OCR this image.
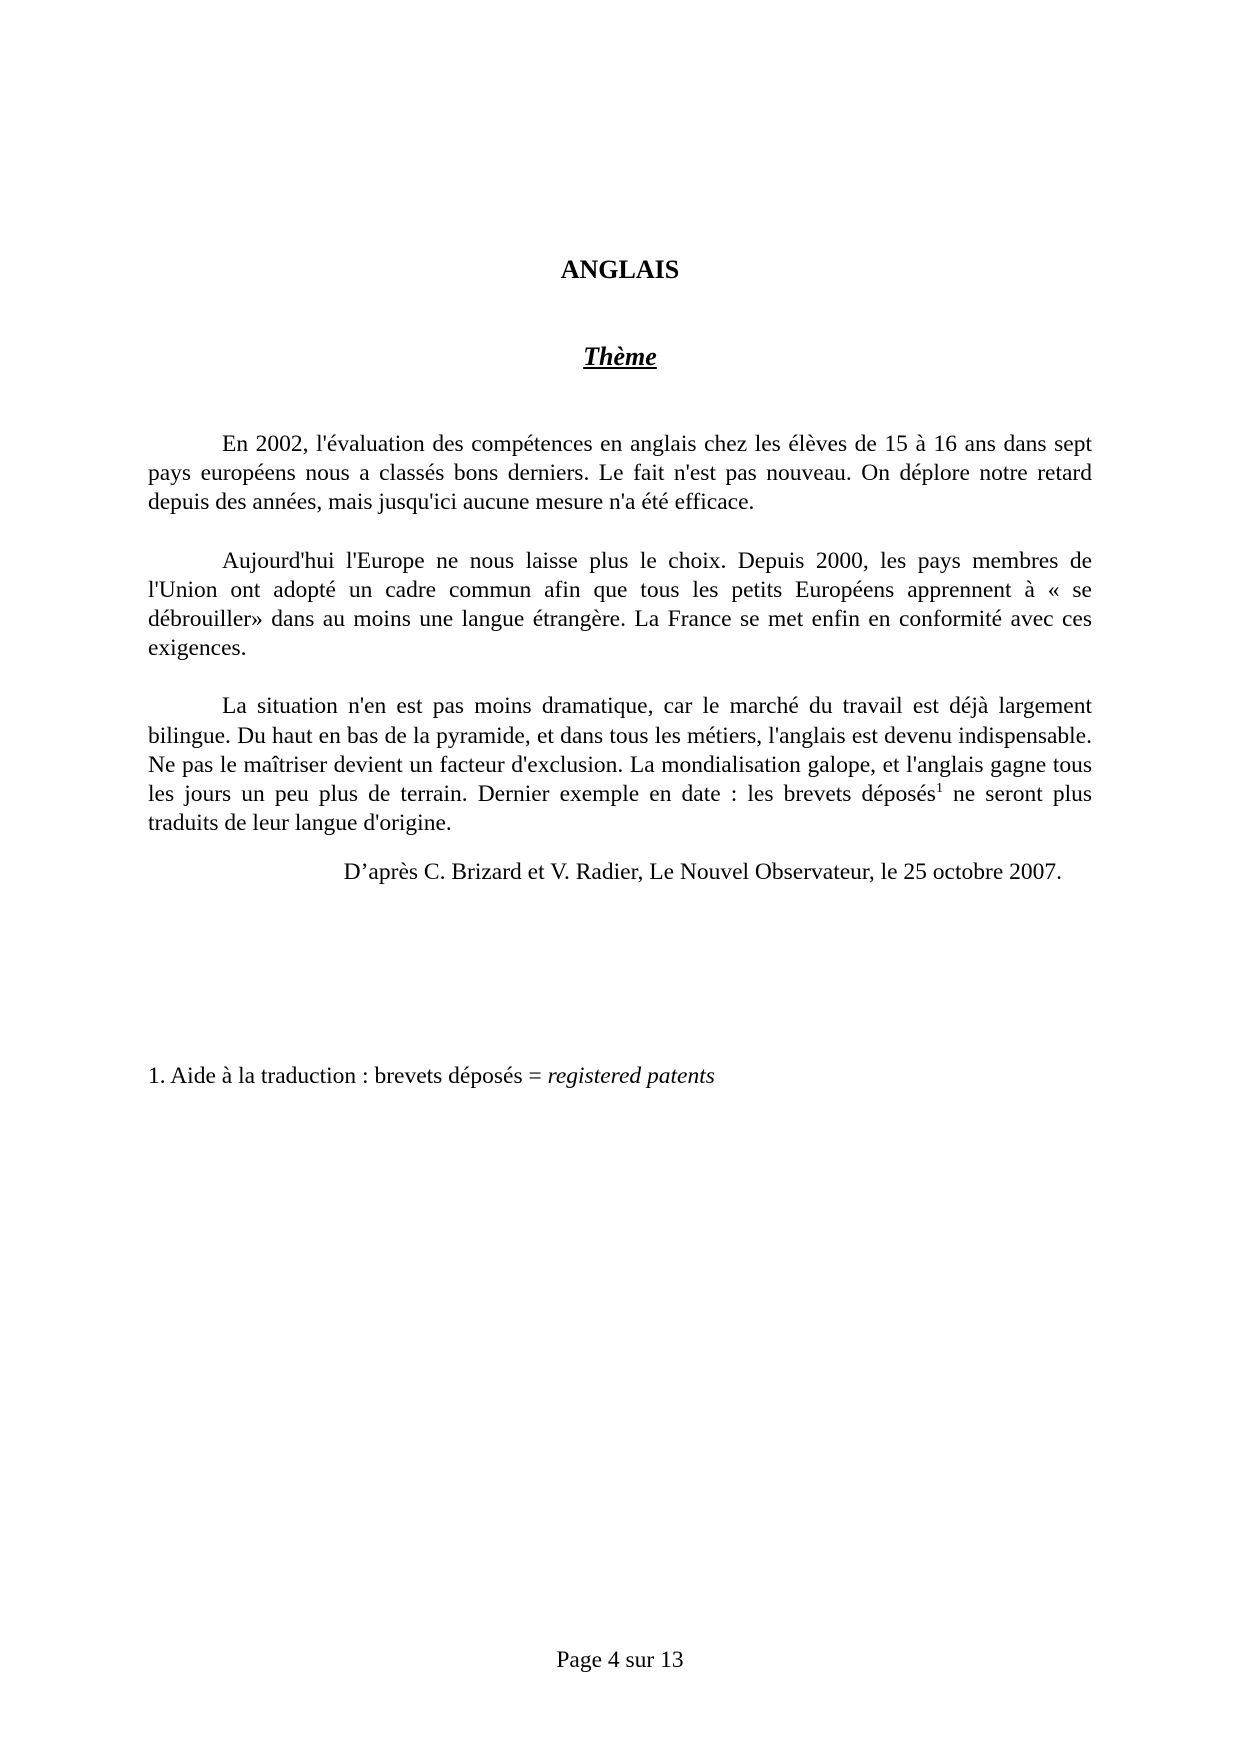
ANGLAIS
Thème

En 2002, l'évaluation des compétences en anglais chez les élèves de 15 à 16 ans dans sept pays européens nous a classés bons derniers. Le fait n'est pas nouveau. On déplore notre retard depuis des années, mais jusqu'ici aucune mesure n'a été efficace.

Aujourd'hui l'Europe ne nous laisse plus le choix. Depuis 2000, les pays membres de l'Union ont adopté un cadre commun afin que tous les petits Européens apprennent à « se débrouiller» dans au moins une langue étrangère. La France se met enfin en conformité avec ces exigences.

La situation n'en est pas moins dramatique, car le marché du travail est déjà largement bilingue. Du haut en bas de la pyramide, et dans tous les métiers, l'anglais est devenu indispensable. Ne pas le maîtriser devient un facteur d'exclusion. La mondialisation galope, et l'anglais gagne tous les jours un peu plus de terrain. Dernier exemple en date : les brevets déposés$^1$ ne seront plus traduits de leur langue d'origine.

D’après C. Brizard et V. Radier, Le Nouvel Observateur, le 25 octobre 2007.

1. Aide à la traduction : brevets déposés = registered patents

Page 4 sur 13
